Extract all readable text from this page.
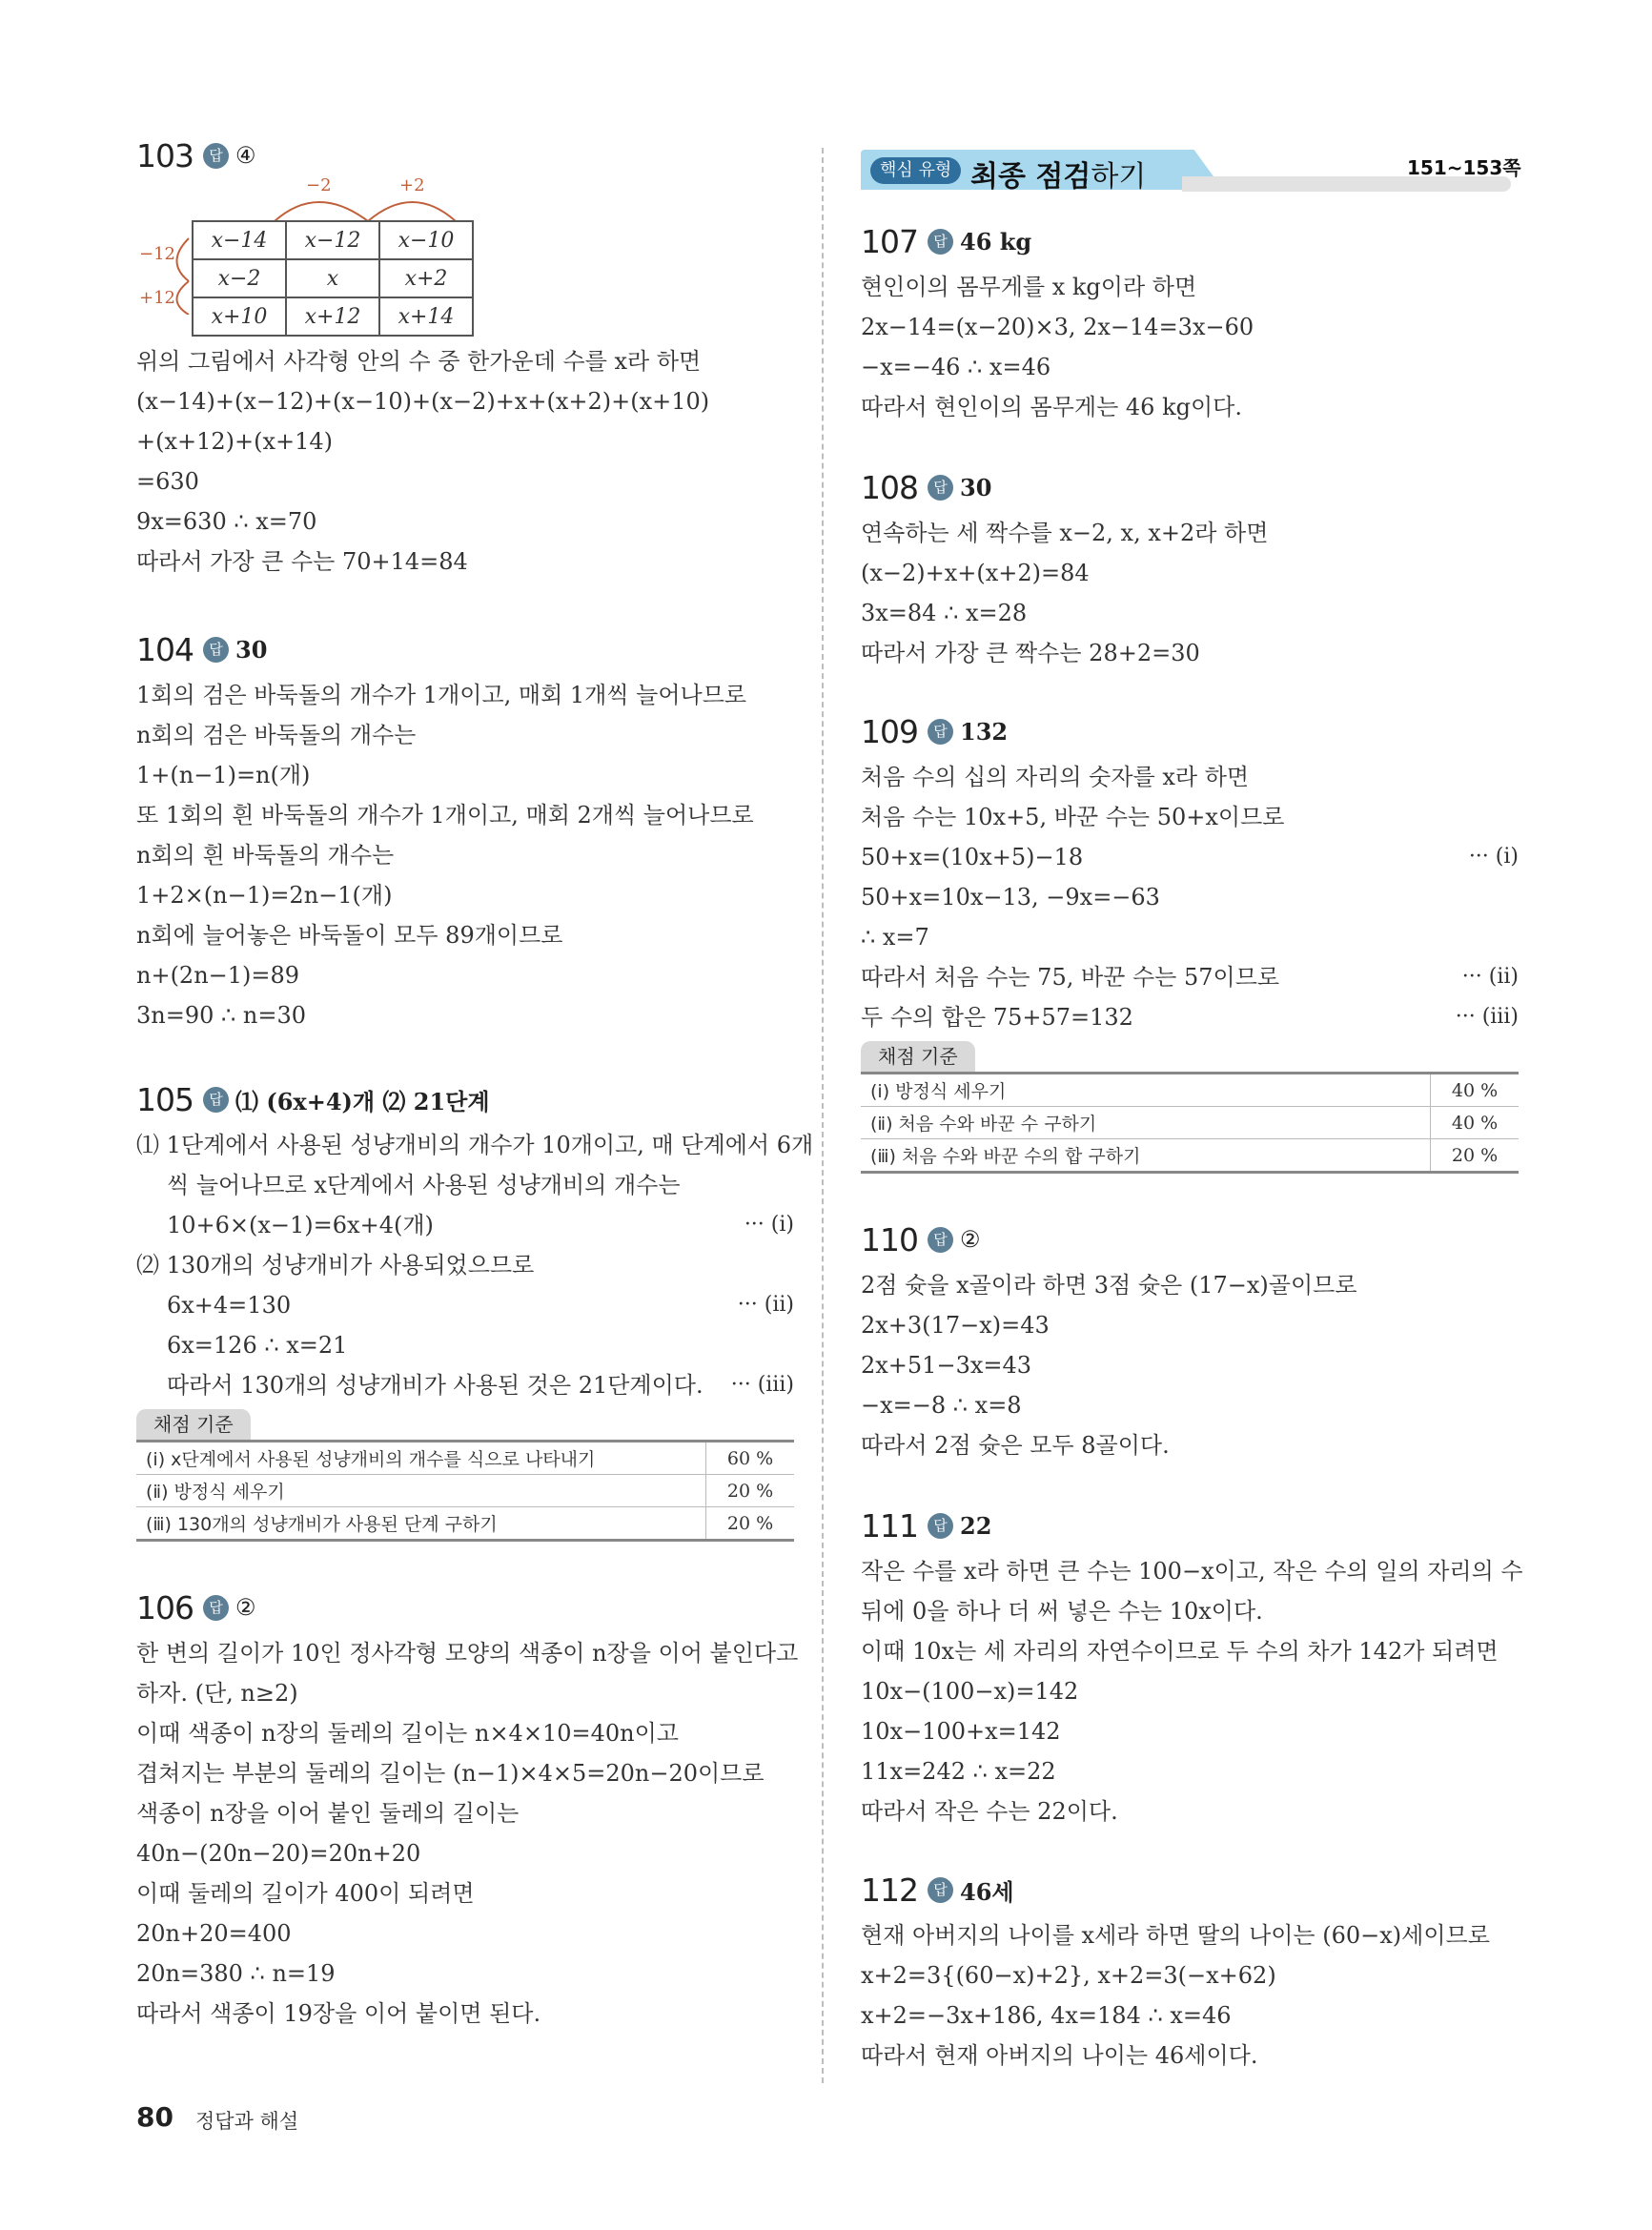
핵심 유형 최종 점검하기	151~153쪽
103	답 ④
−2	+2
−12
+12
x−14	x−12	x−10
x−2	x	x+2
x+10	x+12	x+14
위의 그림에서 사각형 안의 수 중 한가운데 수를 x라 하면
(x−14)+(x−12)+(x−10)+(x−2)+x+(x+2)+(x+10)
+(x+12)+(x+14)
=630
9x=630 ∴ x=70
따라서 가장 큰 수는 70+14=84
104	답 30
1회의 검은 바둑돌의 개수가 1개이고, 매회 1개씩 늘어나므로
n회의 검은 바둑돌의 개수는
1+(n−1)=n(개)
또 1회의 흰 바둑돌의 개수가 1개이고, 매회 2개씩 늘어나므로
n회의 흰 바둑돌의 개수는
1+2×(n−1)=2n−1(개)
n회에 늘어놓은 바둑돌이 모두 89개이므로
n+(2n−1)=89
3n=90 ∴ n=30
105	답 ⑴ (6x+4)개 ⑵ 21단계
⑴ 1단계에서 사용된 성냥개비의 개수가 10개이고, 매 단계에서 6개
씩 늘어나므로 x단계에서 사용된 성냥개비의 개수는
10+6×(x−1)=6x+4(개)	··· (ⅰ)
⑵ 130개의 성냥개비가 사용되었으므로
6x+4=130	··· (ⅱ)
6x=126 ∴ x=21
따라서 130개의 성냥개비가 사용된 것은 21단계이다. ··· (ⅲ)
채점 기준
(ⅰ) x단계에서 사용된 성냥개비의 개수를 식으로 나타내기	60 %
(ⅱ) 방정식 세우기	20 %
(ⅲ) 130개의 성냥개비가 사용된 단계 구하기	20 %
106	답 ②
한 변의 길이가 10인 정사각형 모양의 색종이 n장을 이어 붙인다고
하자. (단, n≥2)
이때 색종이 n장의 둘레의 길이는 n×4×10=40n이고
겹쳐지는 부분의 둘레의 길이는 (n−1)×4×5=20n−20이므로
색종이 n장을 이어 붙인 둘레의 길이는
40n−(20n−20)=20n+20
이때 둘레의 길이가 400이 되려면
20n+20=400
20n=380 ∴ n=19
따라서 색종이 19장을 이어 붙이면 된다.
107	답 46 kg
현인이의 몸무게를 x kg이라 하면
2x−14=(x−20)×3, 2x−14=3x−60
−x=−46 ∴ x=46
따라서 현인이의 몸무게는 46 kg이다.
108	답 30
연속하는 세 짝수를 x−2, x, x+2라 하면
(x−2)+x+(x+2)=84
3x=84 ∴ x=28
따라서 가장 큰 짝수는 28+2=30
109	답 132
처음 수의 십의 자리의 숫자를 x라 하면
처음 수는 10x+5, 바꾼 수는 50+x이므로
50+x=(10x+5)−18	··· (ⅰ)
50+x=10x−13, −9x=−63
∴ x=7
따라서 처음 수는 75, 바꾼 수는 57이므로	··· (ⅱ)
두 수의 합은 75+57=132	··· (ⅲ)
채점 기준
(ⅰ) 방정식 세우기	40 %
(ⅱ) 처음 수와 바꾼 수 구하기	40 %
(ⅲ) 처음 수와 바꾼 수의 합 구하기	20 %
110	답 ②
2점 슛을 x골이라 하면 3점 슛은 (17−x)골이므로
2x+3(17−x)=43
2x+51−3x=43
−x=−8 ∴ x=8
따라서 2점 슛은 모두 8골이다.
111	답 22
작은 수를 x라 하면 큰 수는 100−x이고, 작은 수의 일의 자리의 수
뒤에 0을 하나 더 써 넣은 수는 10x이다.
이때 10x는 세 자리의 자연수이므로 두 수의 차가 142가 되려면
10x−(100−x)=142
10x−100+x=142
11x=242 ∴ x=22
따라서 작은 수는 22이다.
112	답 46세
현재 아버지의 나이를 x세라 하면 딸의 나이는 (60−x)세이므로
x+2=3{(60−x)+2}, x+2=3(−x+62)
x+2=−3x+186, 4x=184 ∴ x=46
따라서 현재 아버지의 나이는 46세이다.
80 정답과 해설
